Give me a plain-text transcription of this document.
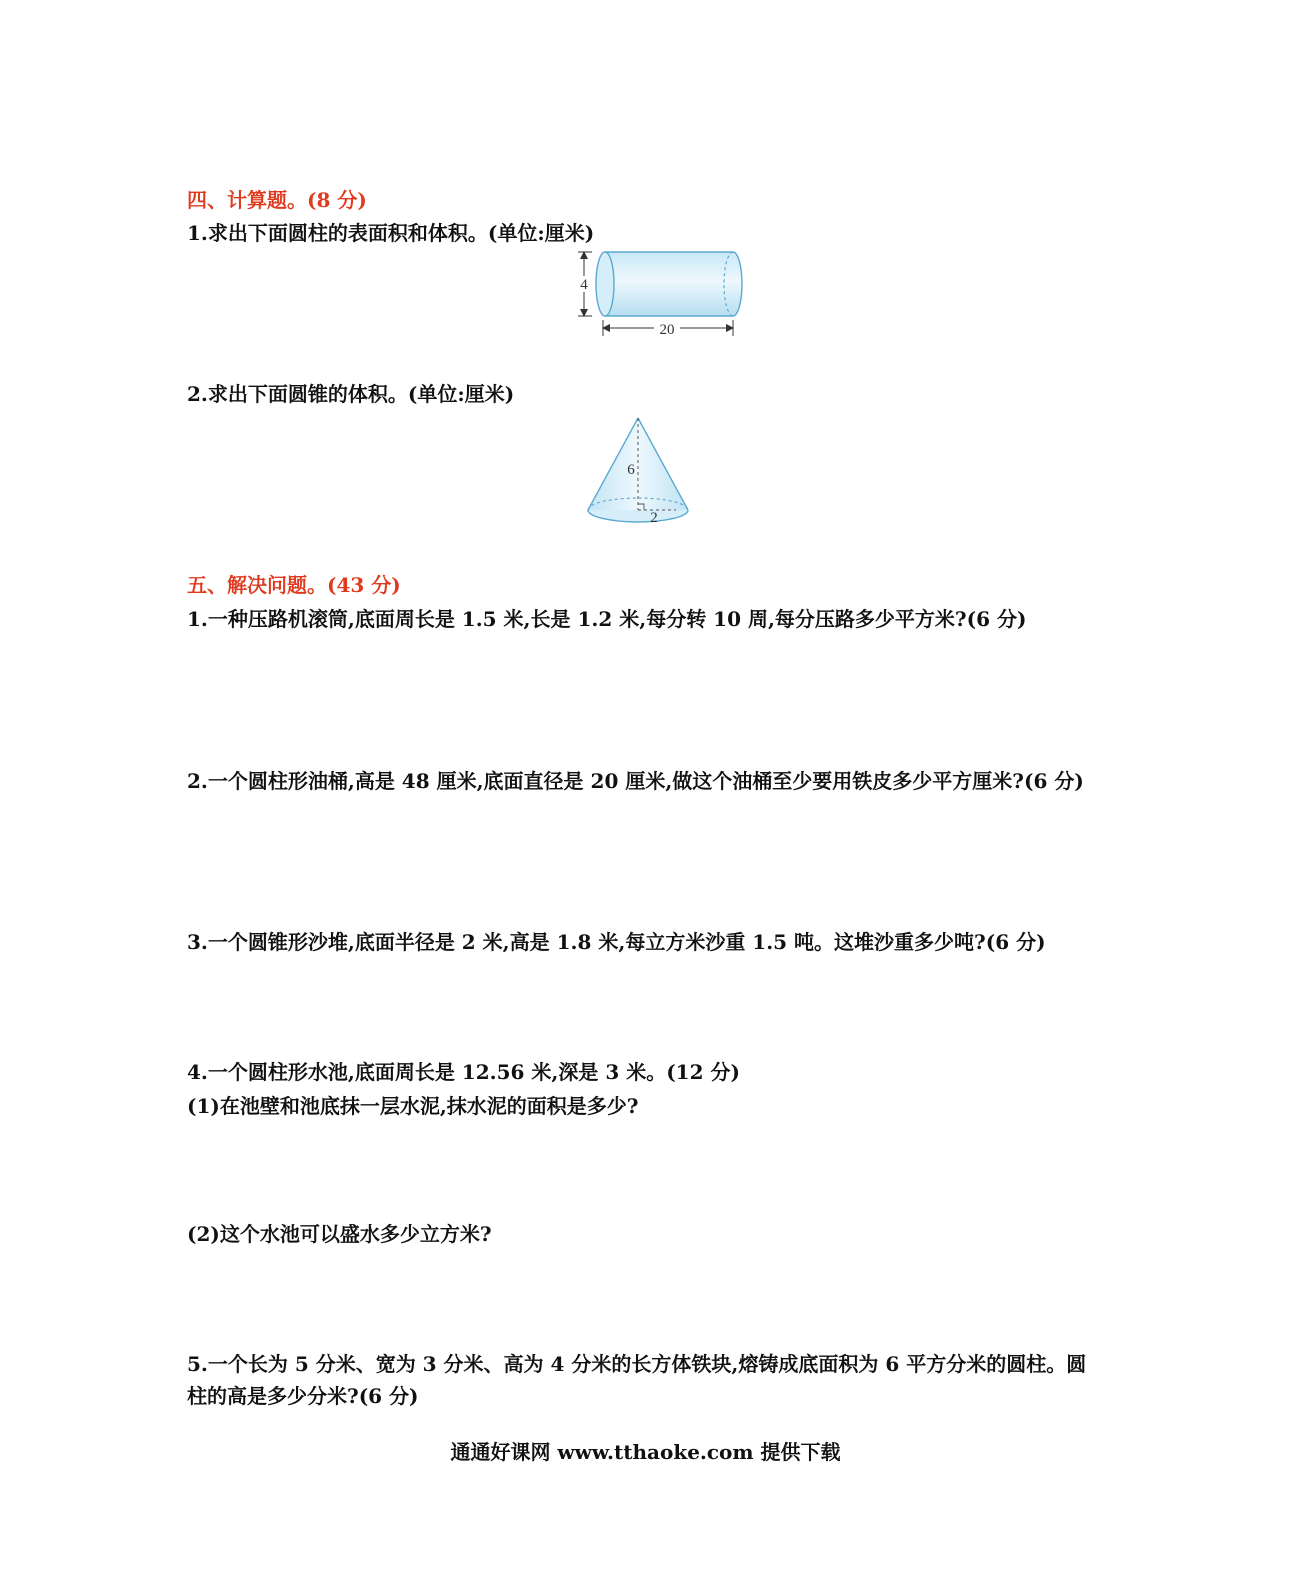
四、计算题。(8 分)
1.求出下面圆柱的表面积和体积。(单位:厘米)
4
20
2.求出下面圆锥的体积。(单位:厘米)
6
2
五、解决问题。(43 分)
1.一种压路机滚筒,底面周长是 1.5 米,长是 1.2 米,每分转 10 周,每分压路多少平方米?(6 分)
2.一个圆柱形油桶,高是 48 厘米,底面直径是 20 厘米,做这个油桶至少要用铁皮多少平方厘米?(6 分)
3.一个圆锥形沙堆,底面半径是 2 米,高是 1.8 米,每立方米沙重 1.5 吨。这堆沙重多少吨?(6 分)
4.一个圆柱形水池,底面周长是 12.56 米,深是 3 米。(12 分)
(1)在池壁和池底抹一层水泥,抹水泥的面积是多少?
(2)这个水池可以盛水多少立方米?
5.一个长为 5 分米、宽为 3 分米、高为 4 分米的长方体铁块,熔铸成底面积为 6 平方分米的圆柱。圆柱的高是多少分米?(6 分)
通通好课网 www.tthaoke.com 提供下载
